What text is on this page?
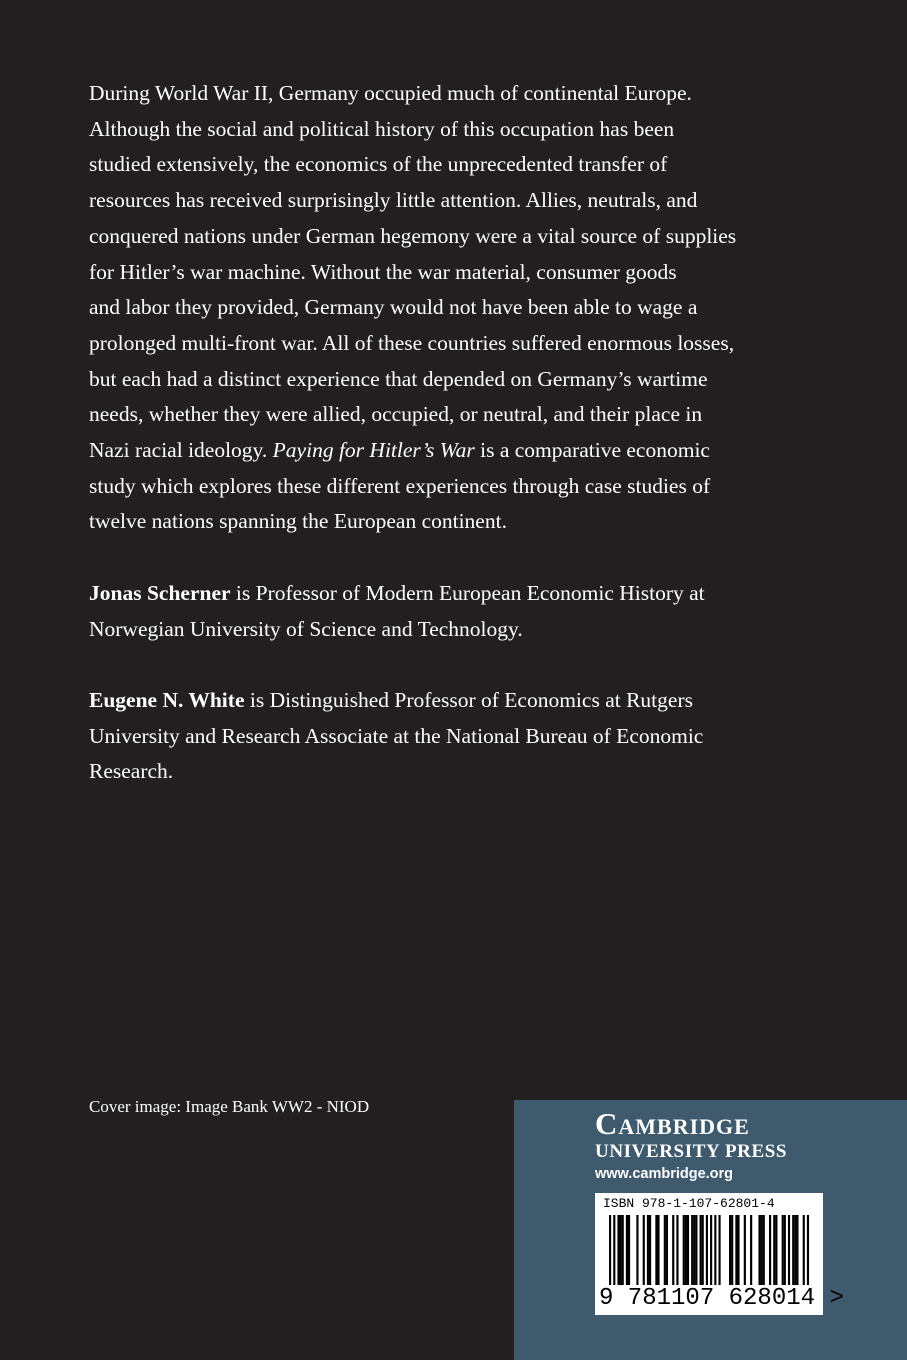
During World War II, Germany occupied much of continental Europe.
Although the social and political history of this occupation has been
studied extensively, the economics of the unprecedented transfer of
resources has received surprisingly little attention. Allies, neutrals, and
conquered nations under German hegemony were a vital source of supplies
for Hitler’s war machine. Without the war material, consumer goods
and labor they provided, Germany would not have been able to wage a
prolonged multi-front war. All of these countries suffered enormous losses,
but each had a distinct experience that depended on Germany’s wartime
needs, whether they were allied, occupied, or neutral, and their place in
Nazi racial ideology. Paying for Hitler’s War is a comparative economic
study which explores these different experiences through case studies of
twelve nations spanning the European continent.

Jonas Scherner is Professor of Modern European Economic History at
Norwegian University of Science and Technology.

Eugene N. White is Distinguished Professor of Economics at Rutgers
University and Research Associate at the National Bureau of Economic
Research.

Cover image: Image Bank WW2 - NIOD	Cambridge
UNIVERSITY PRESS
www.cambridge.org
ISBN 978-1-107-62801-4
9 781107 628014 >
